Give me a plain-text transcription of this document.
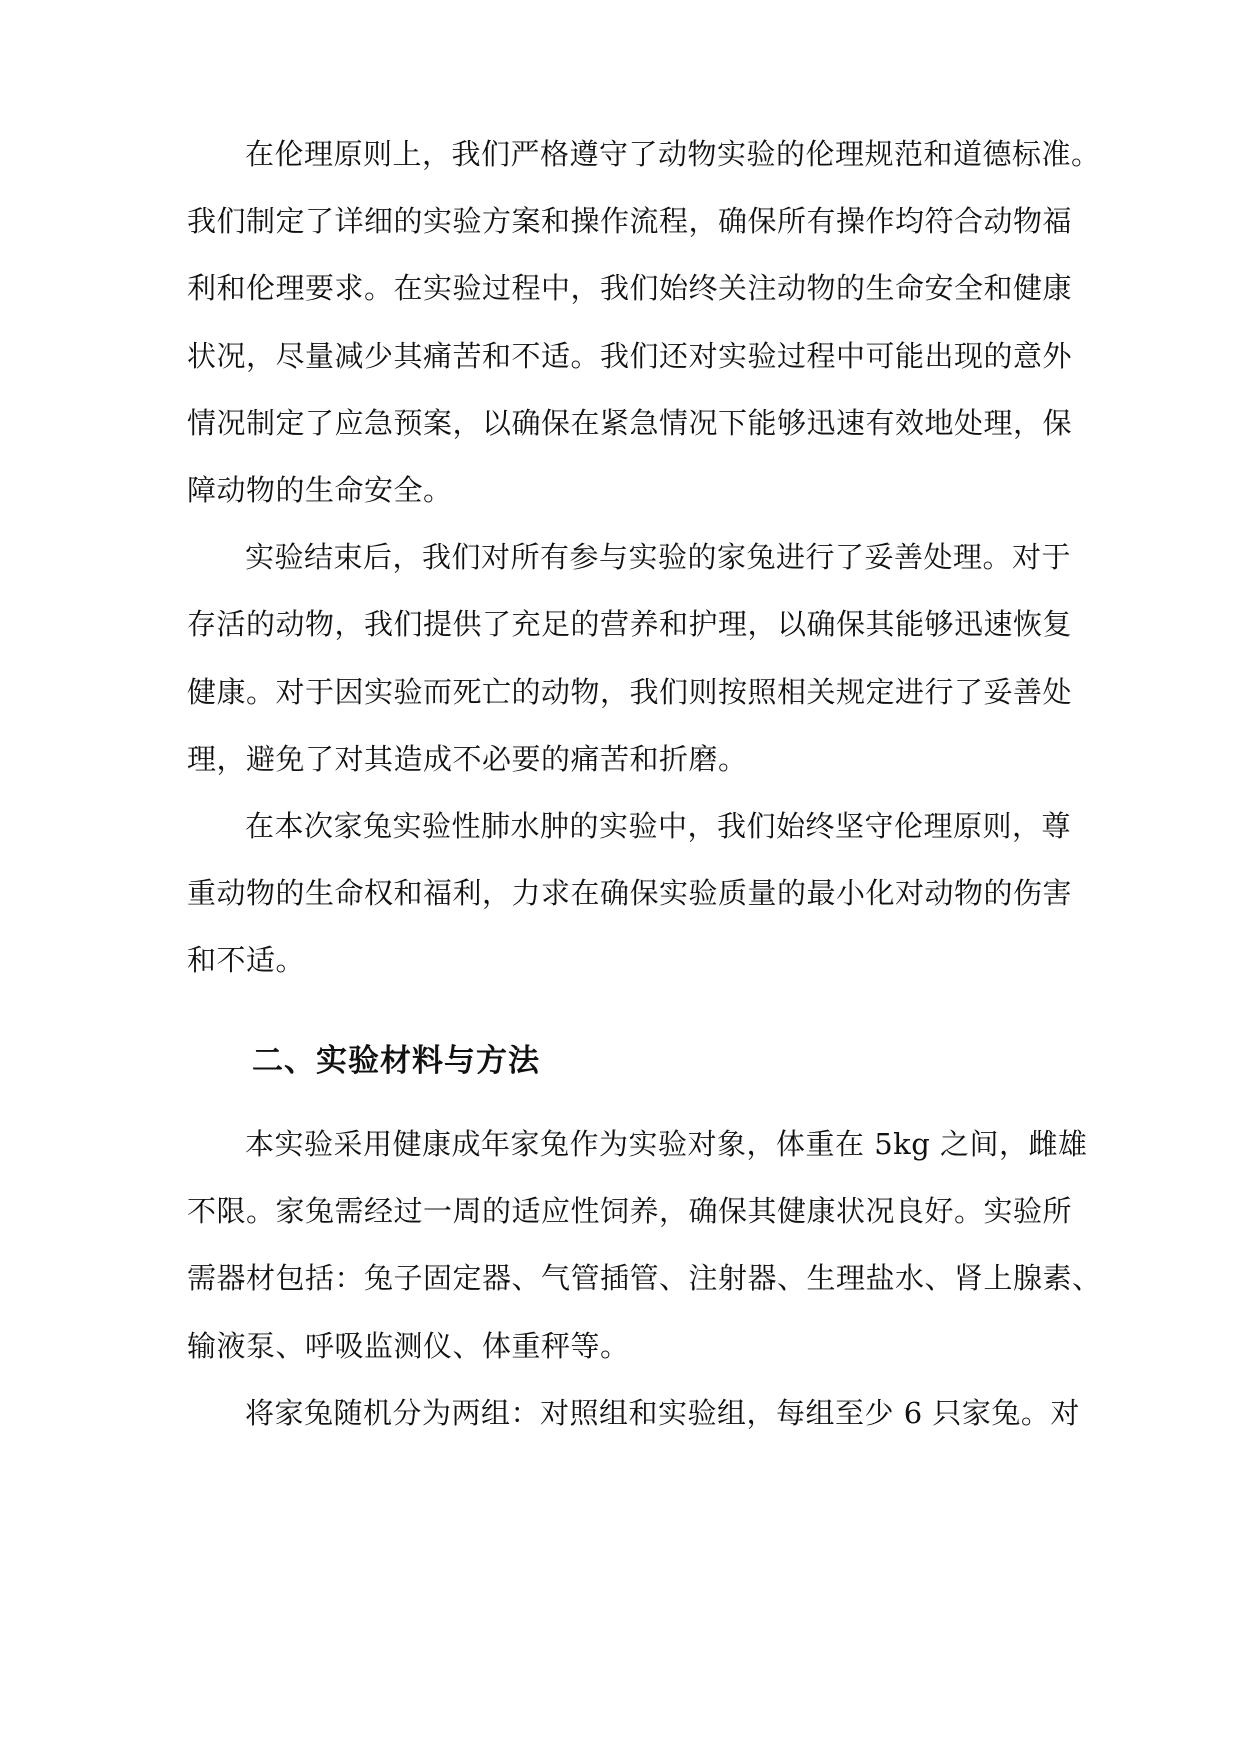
在伦理原则上，我们严格遵守了动物实验的伦理规范和道德标准。
我们制定了详细的实验方案和操作流程，确保所有操作均符合动物福
利和伦理要求。在实验过程中，我们始终关注动物的生命安全和健康
状况，尽量减少其痛苦和不适。我们还对实验过程中可能出现的意外
情况制定了应急预案，以确保在紧急情况下能够迅速有效地处理，保
障动物的生命安全。
实验结束后，我们对所有参与实验的家兔进行了妥善处理。对于
存活的动物，我们提供了充足的营养和护理，以确保其能够迅速恢复
健康。对于因实验而死亡的动物，我们则按照相关规定进行了妥善处
理，避免了对其造成不必要的痛苦和折磨。
在本次家兔实验性肺水肿的实验中，我们始终坚守伦理原则，尊
重动物的生命权和福利，力求在确保实验质量的最小化对动物的伤害
和不适。
二、实验材料与方法
本实验采用健康成年家兔作为实验对象，体重在 5kg 之间，雌雄
不限。家兔需经过一周的适应性饲养，确保其健康状况良好。实验所
需器材包括：兔子固定器、气管插管、注射器、生理盐水、肾上腺素、
输液泵、呼吸监测仪、体重秤等。
将家兔随机分为两组：对照组和实验组，每组至少 6 只家兔。对
